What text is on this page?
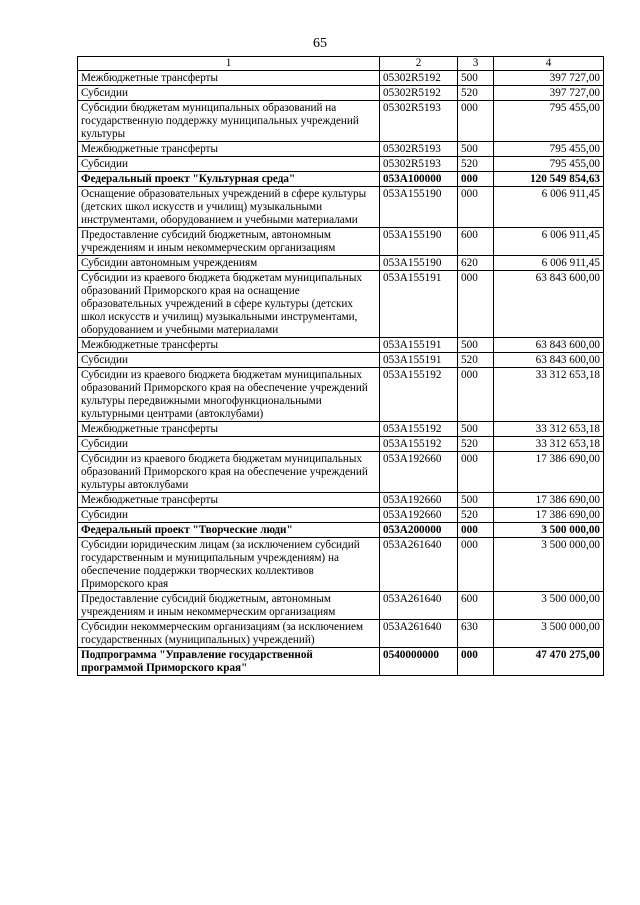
65
1	2	3	4
Межбюджетные трансферты	05302R5192	500	397 727,00
Субсидии	05302R5192	520	397 727,00
Субсидии бюджетам муниципальных образований на государственную поддержку муниципальных учреждений культуры	05302R5193	000	795 455,00
Межбюджетные трансферты	05302R5193	500	795 455,00
Субсидии	05302R5193	520	795 455,00
Федеральный проект "Культурная среда"	053A100000	000	120 549 854,63
Оснащение образовательных учреждений в сфере культуры (детских школ искусств и училищ) музыкальными инструментами, оборудованием и учебными материалами	053A155190	000	6 006 911,45
Предоставление субсидий бюджетным, автономным учреждениям и иным некоммерческим организациям	053A155190	600	6 006 911,45
Субсидии автономным учреждениям	053A155190	620	6 006 911,45
Субсидии из краевого бюджета бюджетам муниципальных образований Приморского края на оснащение образовательных учреждений в сфере культуры (детских школ искусств и училищ) музыкальными инструментами, оборудованием и учебными материалами	053A155191	000	63 843 600,00
Межбюджетные трансферты	053A155191	500	63 843 600,00
Субсидии	053A155191	520	63 843 600,00
Субсидии из краевого бюджета бюджетам муниципальных образований Приморского края на обеспечение учреждений культуры передвижными многофункциональными культурными центрами (автоклубами)	053A155192	000	33 312 653,18
Межбюджетные трансферты	053A155192	500	33 312 653,18
Субсидии	053A155192	520	33 312 653,18
Субсидии из краевого бюджета бюджетам муниципальных образований Приморского края на обеспечение учреждений культуры автоклубами	053A192660	000	17 386 690,00
Межбюджетные трансферты	053A192660	500	17 386 690,00
Субсидии	053A192660	520	17 386 690,00
Федеральный проект "Творческие люди"	053A200000	000	3 500 000,00
Субсидии юридическим лицам (за исключением субсидий государственным и муниципальным учреждениям) на обеспечение поддержки творческих коллективов Приморского края	053A261640	000	3 500 000,00
Предоставление субсидий бюджетным, автономным учреждениям и иным некоммерческим организациям	053A261640	600	3 500 000,00
Субсидии некоммерческим организациям (за исключением государственных (муниципальных) учреждений)	053A261640	630	3 500 000,00
Подпрограмма "Управление государственной программой Приморского края"	0540000000	000	47 470 275,00
